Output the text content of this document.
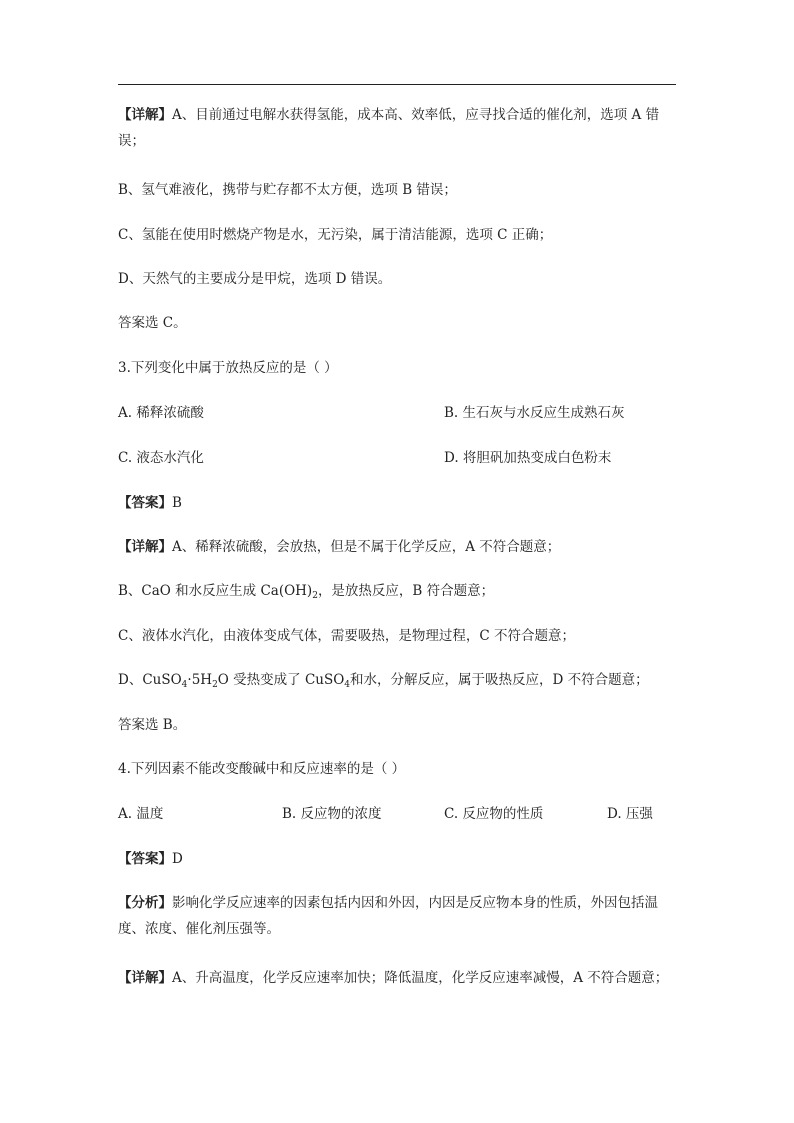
【详解】A、目前通过电解水获得氢能，成本高、效率低，应寻找合适的催化剂，选项 A 错误；
B、氢气难液化，携带与贮存都不太方便，选项 B 错误；
C、氢能在使用时燃烧产物是水，无污染，属于清洁能源，选项 C 正确；
D、天然气的主要成分是甲烷，选项 D 错误。
答案选 C。
3.下列变化中属于放热反应的是（ ）
A. 稀释浓硫酸	B. 生石灰与水反应生成熟石灰
C. 液态水汽化	D. 将胆矾加热变成白色粉末
【答案】B
【详解】A、稀释浓硫酸，会放热，但是不属于化学反应，A 不符合题意；
B、CaO 和水反应生成 $Ca(OH)_2$，是放热反应，B 符合题意；
C、液体水汽化，由液体变成气体，需要吸热，是物理过程，C 不符合题意；
D、$CuSO_4\cdot 5H_2O$ 受热变成了 CuSO$_4$和水，分解反应，属于吸热反应，D 不符合题意；
答案选 B。
4.下列因素不能改变酸碱中和反应速率的是（ ）
A. 温度	B. 反应物的浓度	C. 反应物的性质	D. 压强
【答案】D
【分析】影响化学反应速率的因素包括内因和外因，内因是反应物本身的性质，外因包括温度、浓度、催化剂压强等。
【详解】A、升高温度，化学反应速率加快；降低温度，化学反应速率减慢，A 不符合题意；
